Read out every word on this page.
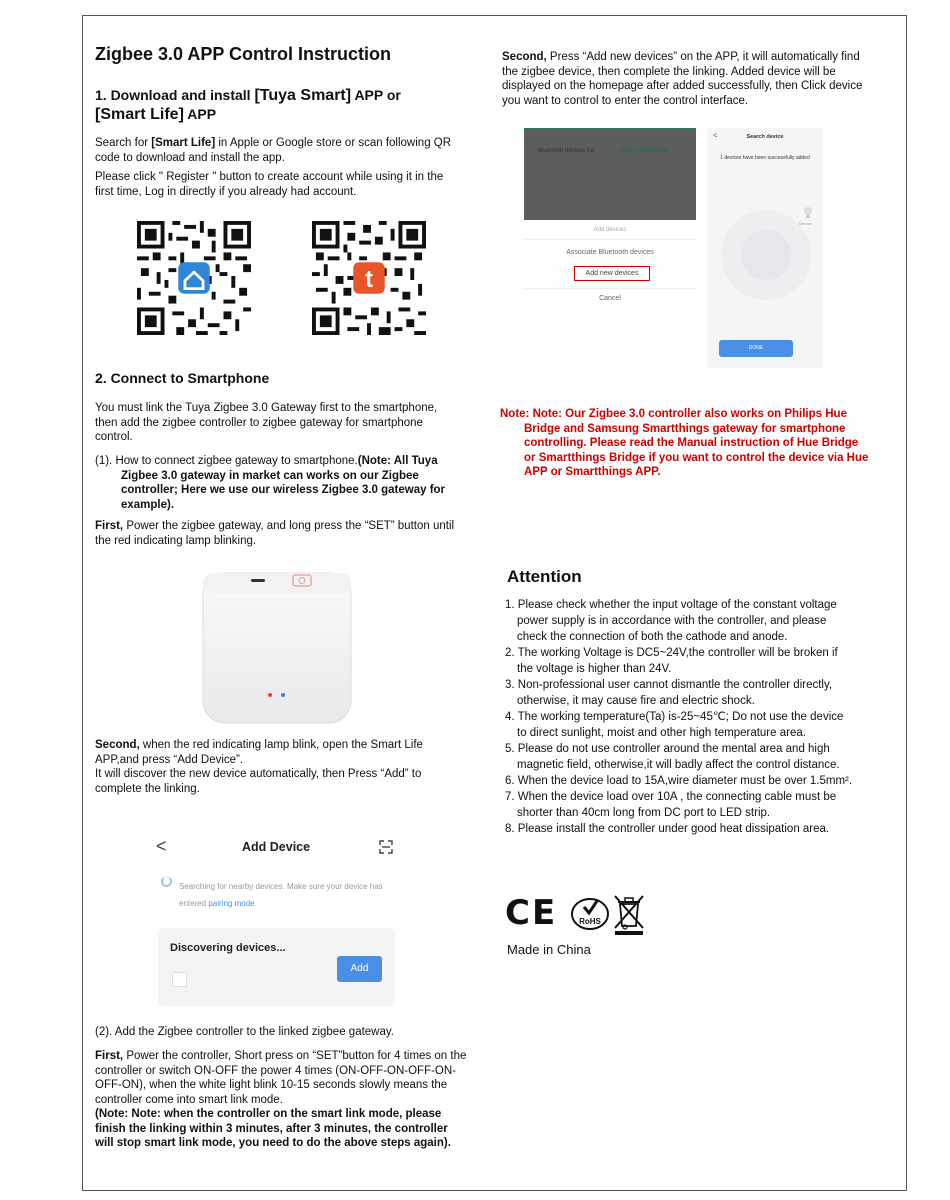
Zigbee 3.0 APP Control Instruction
1. Download and install [Tuya Smart] APP or
[Smart Life] APP
Search for [Smart Life] in Apple or Google store or scan following QR code to download and install the app.
Please click " Register " button to create account while using it in the first time, Log in directly if you already had account.
t
2. Connect to Smartphone
You must link the Tuya Zigbee 3.0 Gateway first to the smartphone, then add the zigbee controller to zigbee gateway for smartphone control.
(1). How to connect zigbee gateway to smartphone.(Note: All Tuya Zigbee 3.0 gateway in market can works on our Zigbee controller; Here we use our wireless Zigbee 3.0 gateway for example).
First, Power the zigbee gateway, and long press the “SET” button until the red indicating lamp blinking.
Second, when the red indicating lamp blink, open the Smart Life APP,and press “Add Device”.
It will discover the new device automatically, then Press “Add” to complete the linking.
<	Add Device
Searching for nearby devices. Make sure your device has entered pairing mode.
Discovering devices...
Add
(2). Add the Zigbee controller to the linked zigbee gateway.
First, Power the controller, Short press on “SET”button for 4 times on the controller or switch ON-OFF the power 4 times (ON-OFF-ON-OFF-ON-OFF-ON), when the white light blink 10-15 seconds slowly means the controller come into smart link mode.
(Note: Note: when the controller on the smart link mode, please finish the linking within 3 minutes, after 3 minutes, the controller will stop smart link mode, you need to do the above steps again).
Second, Press “Add new devices” on the APP, it will automatically find the zigbee device, then complete the linking. Added device will be displayed on the homepage after added successfully, then Click device you want to control to enter the control interface.
Bluetooth devices list	Zigbee devices list
Add devices
Associate Bluetooth devices
Add new devices
Cancel
<	Search device
1 devices have been successfully added
Dimmer
DONE
Note: Note: Our Zigbee 3.0 controller also works on Philips Hue Bridge and Samsung Smartthings gateway for smartphone controlling. Please read the Manual instruction of Hue Bridge or Smartthings Bridge if you want to control the device via Hue APP or Smartthings APP.
Attention
1. Please check whether the input voltage of the constant voltage power supply is in accordance with the controller, and please check the connection of both the cathode and anode.
2. The working Voltage is DC5~24V,the controller will be broken if the voltage is higher than 24V.
3. Non-professional user cannot dismantle the controller directly, otherwise, it may cause fire and electric shock.
4. The working temperature(Ta) is-25~45℃; Do not use the device to direct sunlight, moist and other high temperature area.
5. Please do not use controller around the mental area and high magnetic field, otherwise,it will badly affect the control distance.
6. When the device load to 15A,wire diameter must be over 1.5mm².
7. When the device load over 10A , the connecting cable must be shorter than 40cm long from DC port to LED strip.
8. Please install the controller under good heat dissipation area.
CE	RoHS
Made in China
